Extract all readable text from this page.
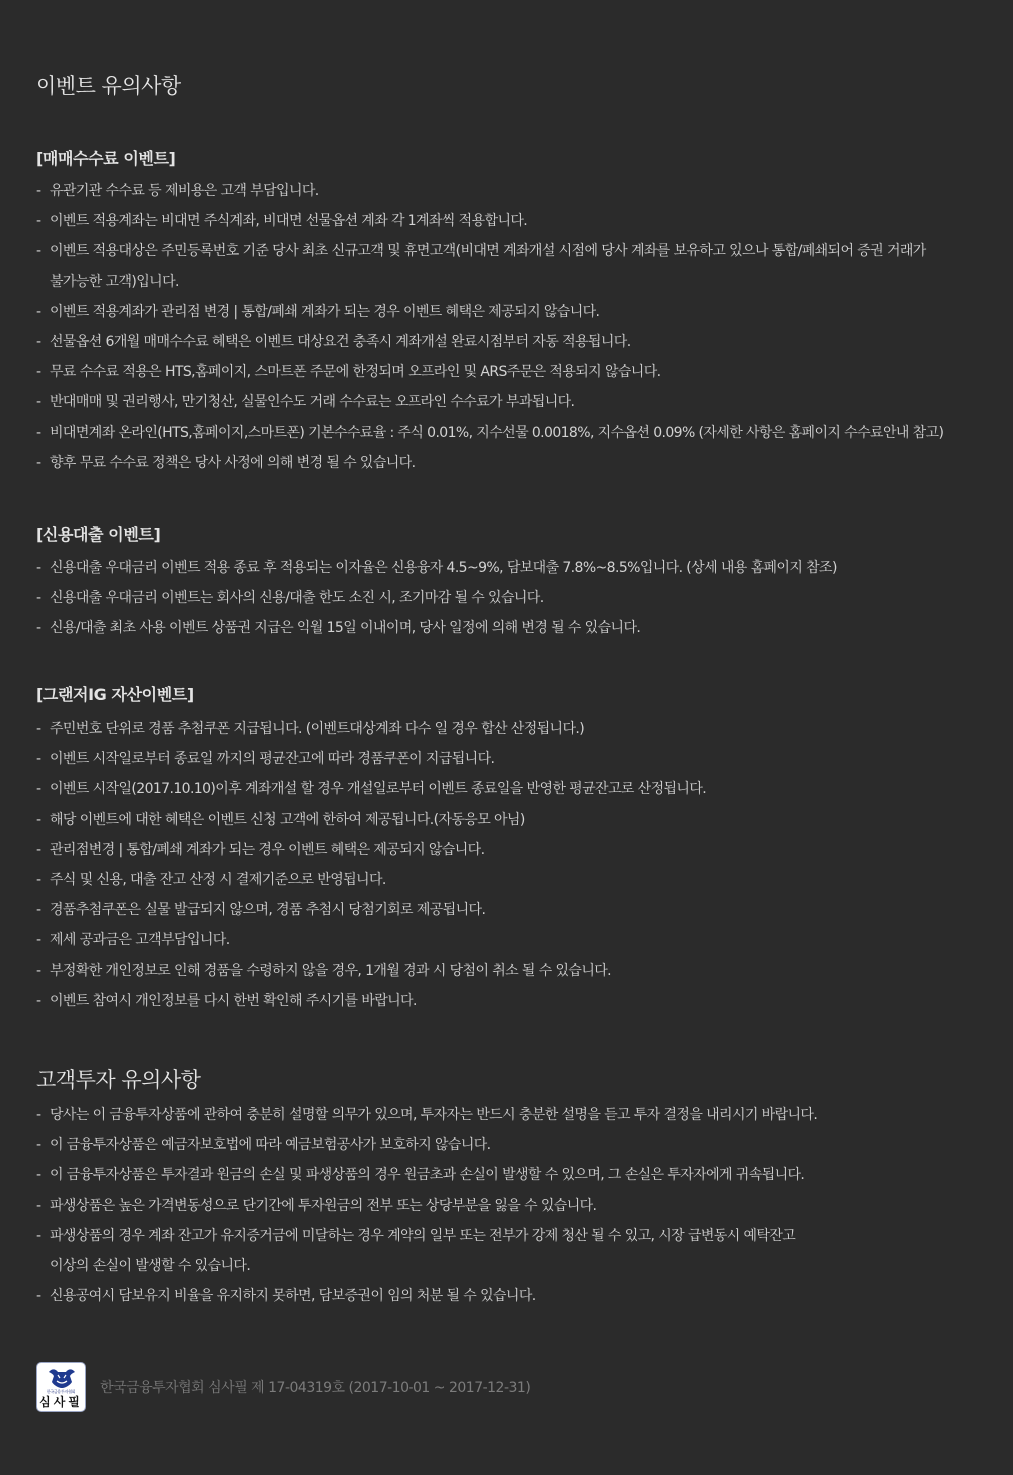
이벤트 유의사항
[매매수수료 이벤트]
- 유관기관 수수료 등 제비용은 고객 부담입니다.
- 이벤트 적용계좌는 비대면 주식계좌, 비대면 선물옵션 계좌 각 1계좌씩 적용합니다.
- 이벤트 적용대상은 주민등록번호 기준 당사 최초 신규고객 및 휴면고객(비대면 계좌개설 시점에 당사 계좌를 보유하고 있으나 통합/폐쇄되어 증권 거래가
불가능한 고객)입니다.
- 이벤트 적용계좌가 관리점 변경 | 통합/폐쇄 계좌가 되는 경우 이벤트 혜택은 제공되지 않습니다.
- 선물옵션 6개월 매매수수료 혜택은 이벤트 대상요건 충족시 계좌개설 완료시점부터 자동 적용됩니다.
- 무료 수수료 적용은 HTS,홈페이지, 스마트폰 주문에 한정되며 오프라인 및 ARS주문은 적용되지 않습니다.
- 반대매매 및 권리행사, 만기청산, 실물인수도 거래 수수료는 오프라인 수수료가 부과됩니다.
- 비대면계좌 온라인(HTS,홈페이지,스마트폰) 기본수수료율 : 주식 0.01%, 지수선물 0.0018%, 지수옵션 0.09% (자세한 사항은 홈페이지 수수료안내 참고)
- 향후 무료 수수료 정책은 당사 사정에 의해 변경 될 수 있습니다.
[신용대출 이벤트]
- 신용대출 우대금리 이벤트 적용 종료 후 적용되는 이자율은 신용융자 4.5~9%, 담보대출 7.8%~8.5%입니다. (상세 내용 홈페이지 참조)
- 신용대출 우대금리 이벤트는 회사의 신용/대출 한도 소진 시, 조기마감 될 수 있습니다.
- 신용/대출 최초 사용 이벤트 상품권 지급은 익월 15일 이내이며, 당사 일정에 의해 변경 될 수 있습니다.
[그랜저IG 자산이벤트]
- 주민번호 단위로 경품 추첨쿠폰 지급됩니다. (이벤트대상계좌 다수 일 경우 합산 산정됩니다.)
- 이벤트 시작일로부터 종료일 까지의 평균잔고에 따라 경품쿠폰이 지급됩니다.
- 이벤트 시작일(2017.10.10)이후 계좌개설 할 경우 개설일로부터 이벤트 종료일을 반영한 평균잔고로 산정됩니다.
- 해당 이벤트에 대한 혜택은 이벤트 신청 고객에 한하여 제공됩니다.(자동응모 아님)
- 관리점변경 | 통합/폐쇄 계좌가 되는 경우 이벤트 혜택은 제공되지 않습니다.
- 주식 및 신용, 대출 잔고 산정 시 결제기준으로 반영됩니다.
- 경품추첨쿠폰은 실물 발급되지 않으며, 경품 추첨시 당첨기회로 제공됩니다.
- 제세 공과금은 고객부담입니다.
- 부정확한 개인정보로 인해 경품을 수령하지 않을 경우, 1개월 경과 시 당첨이 취소 될 수 있습니다.
- 이벤트 참여시 개인정보를 다시 한번 확인해 주시기를 바랍니다.
고객투자 유의사항
- 당사는 이 금융투자상품에 관하여 충분히 설명할 의무가 있으며, 투자자는 반드시 충분한 설명을 듣고 투자 결정을 내리시기 바랍니다.
- 이 금융투자상품은 예금자보호법에 따라 예금보험공사가 보호하지 않습니다.
- 이 금융투자상품은 투자결과 원금의 손실 및 파생상품의 경우 원금초과 손실이 발생할 수 있으며, 그 손실은 투자자에게 귀속됩니다.
- 파생상품은 높은 가격변동성으로 단기간에 투자원금의 전부 또는 상당부분을 잃을 수 있습니다.
- 파생상품의 경우 계좌 잔고가 유지증거금에 미달하는 경우 계약의 일부 또는 전부가 강제 청산 될 수 있고, 시장 급변동시 예탁잔고
이상의 손실이 발생할 수 있습니다.
- 신용공여시 담보유지 비율을 유지하지 못하면, 담보증권이 임의 처분 될 수 있습니다.
한국금융투자협회
심사필
한국금융투자협회 심사필 제 17-04319호 (2017-10-01 ~ 2017-12-31)
